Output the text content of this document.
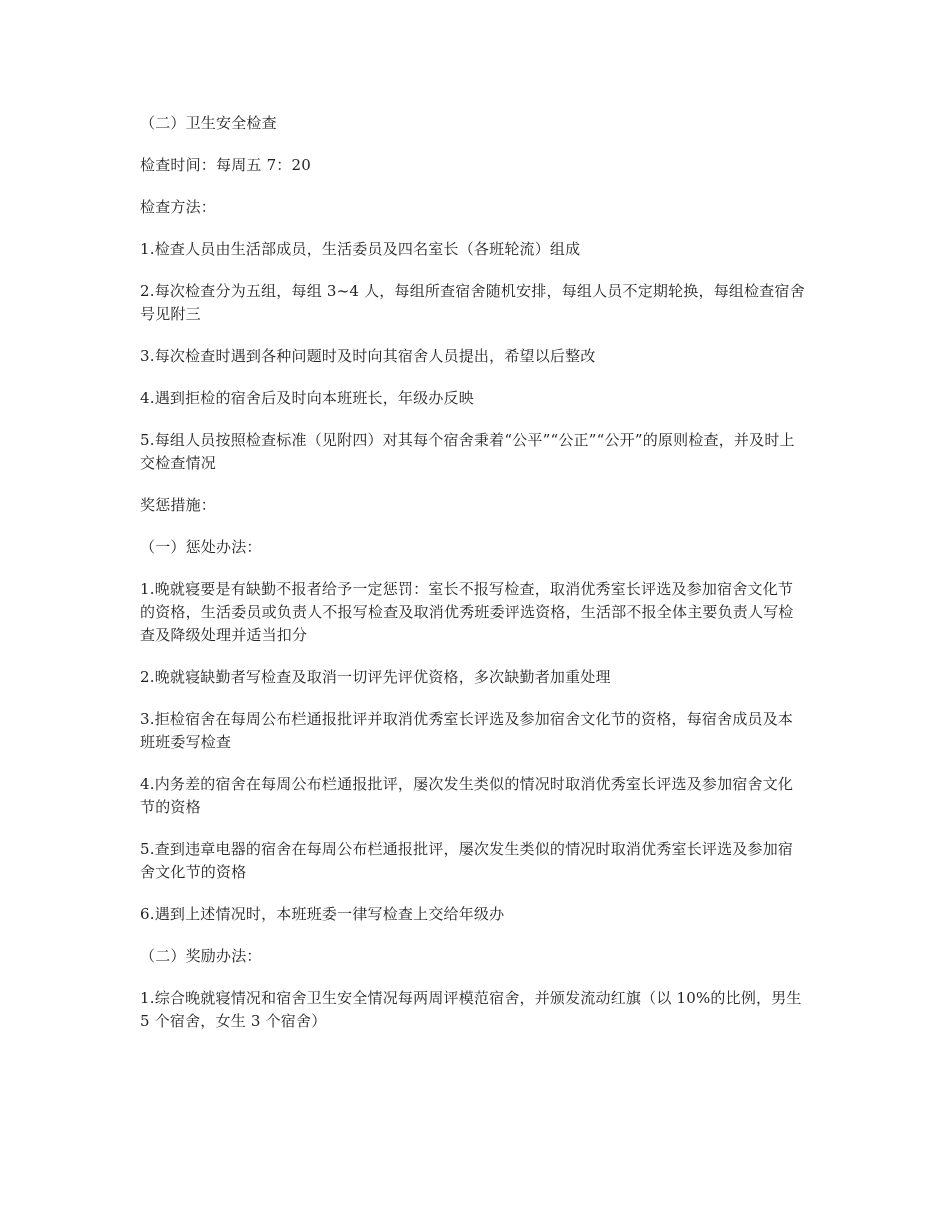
（二）卫生安全检查

检查时间：每周五 7：20

检查方法：

1.检查人员由生活部成员，生活委员及四名室长（各班轮流）组成

2.每次检查分为五组，每组 3~4 人，每组所查宿舍随机安排，每组人员不定期轮换，每组检查宿舍号见附三

3.每次检查时遇到各种问题时及时向其宿舍人员提出，希望以后整改

4.遇到拒检的宿舍后及时向本班班长，年级办反映

5.每组人员按照检查标准（见附四）对其每个宿舍秉着“公平”“公正”“公开”的原则检查，并及时上交检查情况

奖惩措施：

（一）惩处办法：

1.晚就寝要是有缺勤不报者给予一定惩罚：室长不报写检查，取消优秀室长评选及参加宿舍文化节的资格，生活委员或负责人不报写检查及取消优秀班委评选资格，生活部不报全体主要负责人写检查及降级处理并适当扣分

2.晚就寝缺勤者写检查及取消一切评先评优资格，多次缺勤者加重处理

3.拒检宿舍在每周公布栏通报批评并取消优秀室长评选及参加宿舍文化节的资格，每宿舍成员及本班班委写检查

4.内务差的宿舍在每周公布栏通报批评，屡次发生类似的情况时取消优秀室长评选及参加宿舍文化节的资格

5.查到违章电器的宿舍在每周公布栏通报批评，屡次发生类似的情况时取消优秀室长评选及参加宿舍文化节的资格

6.遇到上述情况时，本班班委一律写检查上交给年级办

（二）奖励办法：

1.综合晚就寝情况和宿舍卫生安全情况每两周评模范宿舍，并颁发流动红旗（以 10%的比例，男生 5 个宿舍，女生 3 个宿舍）
